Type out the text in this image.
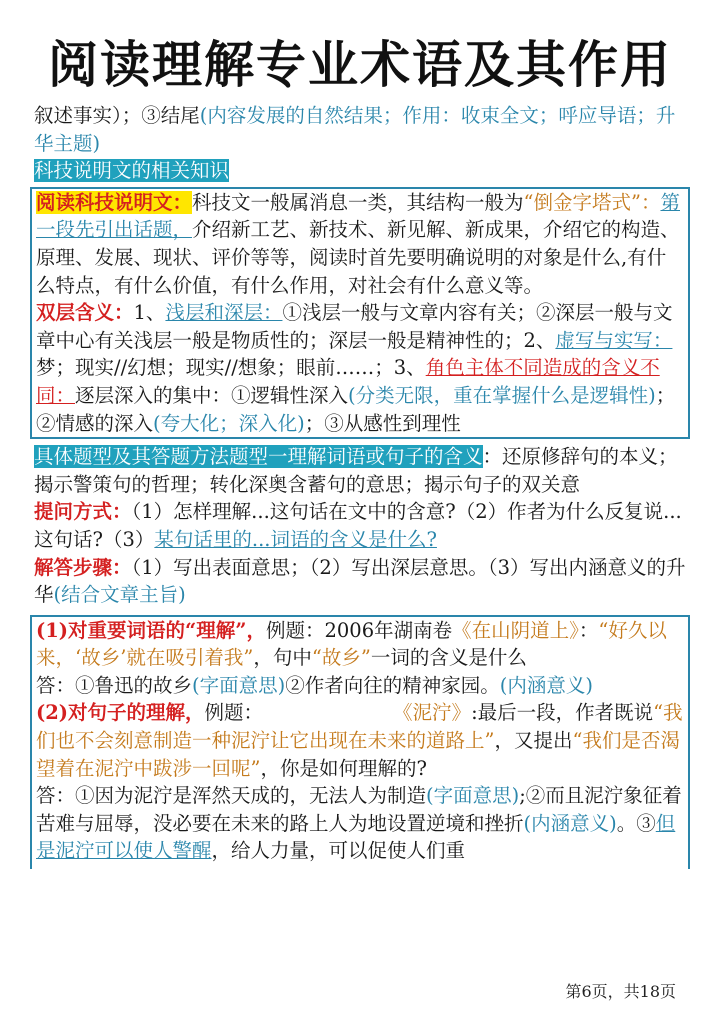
阅读理解专业术语及其作用

叙述事实）；③结尾(内容发展的自然结果；作用：收束全文；呼应导语；升华主题)

科技说明文的相关知识

阅读科技说明文：科技文一般属消息一类，其结构一般为“倒金字塔式”：第一段先引出话题，介绍新工艺、新技术、新见解、新成果，介绍它的构造、原理、发展、现状、评价等等，阅读时首先要明确说明的对象是什么,有什么特点，有什么价值，有什么作用，对社会有什么意义等。

双层含义：1、浅层和深层：①浅层一般与文章内容有关；②深层一般与文章中心有关浅层一般是物质性的；深层一般是精神性的；2、虚写与实写：梦；现实//幻想；现实//想象；眼前……；3、角色主体不同造成的含义不同：逐层深入的集中：①逻辑性深入(分类无限，重在掌握什么是逻辑性)；②情感的深入(夸大化；深入化)；③从感性到理性

具体题型及其答题方法题型一理解词语或句子的含义：还原修辞句的本义；揭示警策句的哲理；转化深奥含蓄句的意思；揭示句子的双关意

提问方式：（1）怎样理解...这句话在文中的含意?（2）作者为什么反复说...这句话?（3）某句话里的...词语的含义是什么?

解答步骤：（1）写出表面意思；（2）写出深层意思。（3）写出内涵意义的升华(结合文章主旨)

(1)对重要词语的“理解”，例题：2006年湖南卷《在山阴道上》：“好久以来，‘故乡’就在吸引着我”，句中“故乡”一词的含义是什么

答：①鲁迅的故乡(字面意思)②作者向往的精神家园。(内涵意义)

(2)对句子的理解，例题：	《泥泞》:最后一段，作者既说“我们也不会刻意制造一种泥泞让它出现在未来的道路上”，又提出“我们是否渴望着在泥泞中跋涉一回呢”，你是如何理解的?

答：①因为泥泞是浑然天成的，无法人为制造(字面意思);②而且泥泞象征着苦难与屈辱，没必要在未来的路上人为地设置逆境和挫折(内涵意义)。③但是泥泞可以使人警醒，给人力量，可以促使人们重

第6页，共18页
